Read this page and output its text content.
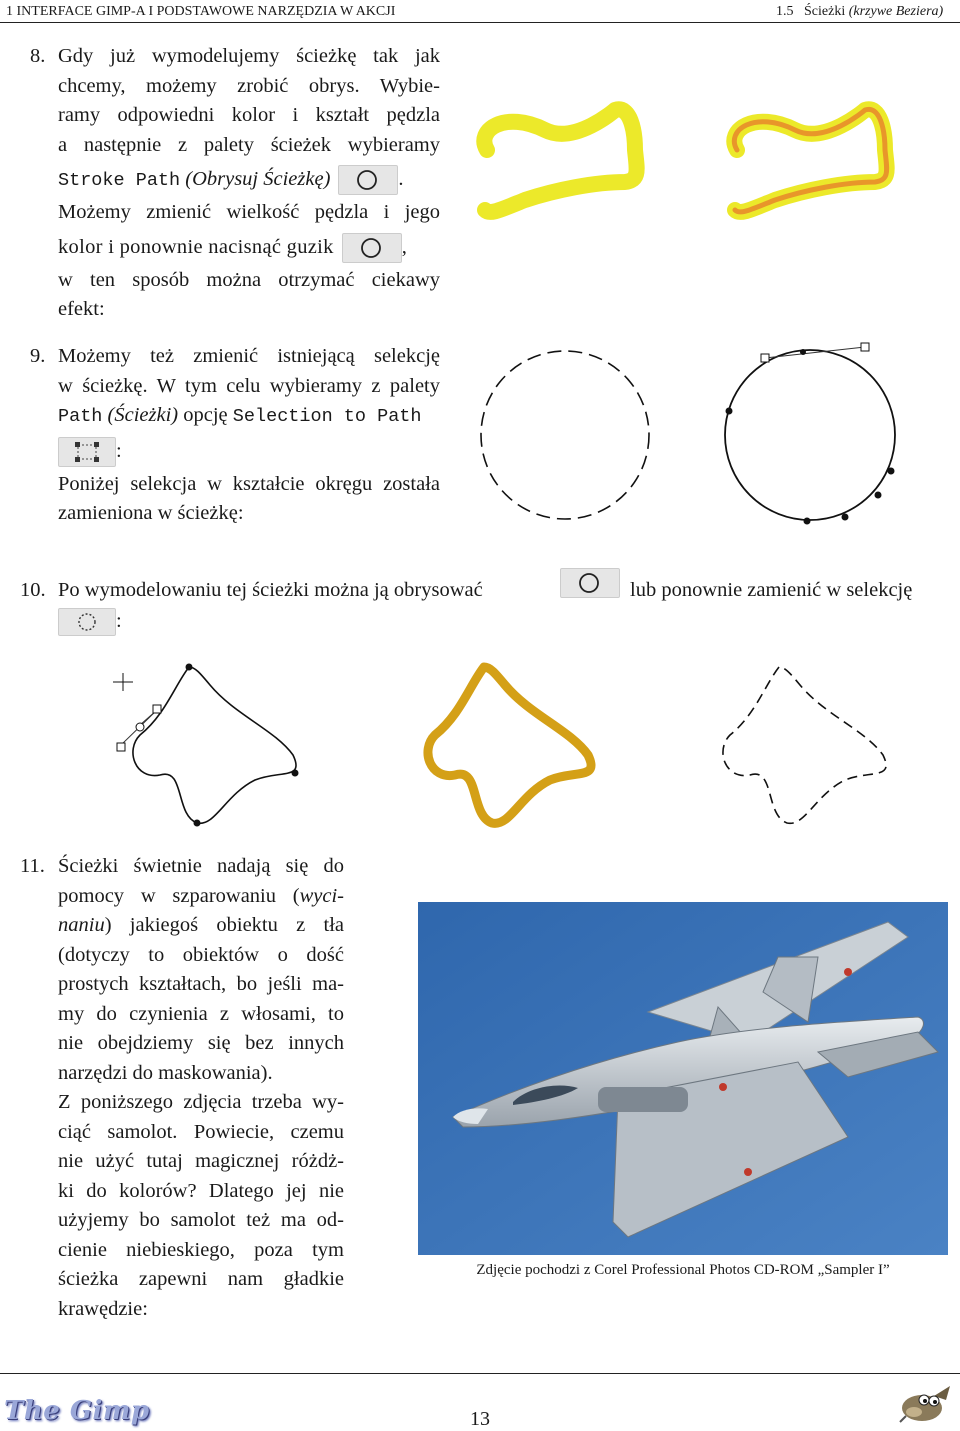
1 INTERFACE GIMP-A I PODSTAWOWE NARZĘDZIA W AKCJI	1.5 Ścieżki (krzywe Beziera)
8. Gdy już wymodelujemy ścieżkę tak jak
chcemy, możemy zrobić obrys. Wybie-
ramy odpowiedni kolor i kształt pędzla
a następnie z palety ścieżek wybieramy
Stroke Path (Obrysuj Ścieżkę)	.
Możemy zmienić wielkość pędzla i jego
kolor i ponownie nacisnąć guzik	,
w ten sposób można otrzymać ciekawy
efekt:
9. Możemy też zmienić istniejącą selekcję
w ścieżkę. W tym celu wybieramy z palety
Path (Ścieżki) opcję Selection to Path
:
Poniżej selekcja w kształcie okręgu została
zamieniona w ścieżkę:
10. Po wymodelowaniu tej ścieżki można ją obrysować	lub ponownie zamienić w selekcję
:
11. Ścieżki świetnie nadają się do
pomocy w szparowaniu (wyci-
naniu) jakiegoś obiektu z tła
(dotyczy to obiektów o dość
prostych kształtach, bo jeśli ma-
my do czynienia z włosami, to
nie obejdziemy się bez innych
narzędzi do maskowania).
Z poniższego zdjęcia trzeba wy-
ciąć samolot. Powiecie, czemu
nie użyć tutaj magicznej różdż-
ki do kolorów? Dlatego jej nie
użyjemy bo samolot też ma od-
cienie niebieskiego, poza tym
ścieżka zapewni nam gładkie
krawędzie:
Zdjęcie pochodzi z Corel Professional Photos CD-ROM „Sampler I”
The Gimp	13
